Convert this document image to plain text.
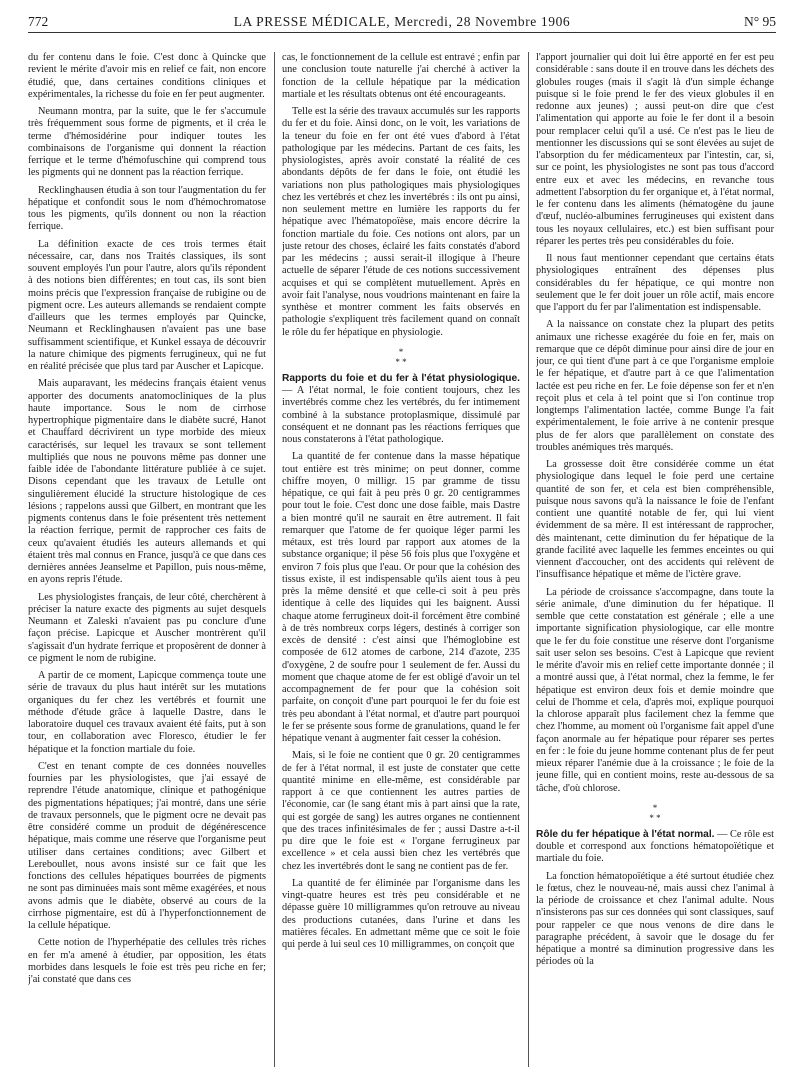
772	LA PRESSE MÉDICALE, Mercredi, 28 Novembre 1906	N° 95

du fer contenu dans le foie. C'est donc à Quincke que revient le mérite d'avoir mis en relief ce fait, non encore étudié, que, dans certaines conditions cliniques et expérimentales, la richesse du foie en fer peut augmenter.

Neumann montra, par la suite, que le fer s'accumule très fréquemment sous forme de pigments, et il créa le terme d'hémosidérine pour indiquer toutes les combinaisons de l'organisme qui donnent la réaction ferrique et le terme d'hémofuschine qui comprend tous les pigments qui ne donnent pas la réaction ferrique.

Recklinghausen étudia à son tour l'augmentation du fer hépatique et confondit sous le nom d'hémochromatose tous les pigments, qu'ils donnent ou non la réaction ferrique.

La définition exacte de ces trois termes était nécessaire, car, dans nos Traités classiques, ils sont souvent employés l'un pour l'autre, alors qu'ils répondent à des notions bien différentes; en tout cas, ils sont bien moins précis que l'expression française de rubigine ou de pigment ocre. Les auteurs allemands se rendaient compte d'ailleurs que les termes employés par Quincke, Neumann et Recklinghausen n'avaient pas une base suffisamment scientifique, et Kunkel essaya de découvrir la nature chimique des pigments ferrugineux, qui ne fut en réalité précisée que plus tard par Auscher et Lapicque.

Mais auparavant, les médecins français étaient venus apporter des documents anatomocliniques de la plus haute importance. Sous le nom de cirrhose hypertrophique pigmentaire dans le diabète sucré, Hanot et Chauffard décrivirent un type morbide des mieux caractérisés, sur lequel les travaux se sont tellement multipliés que nous ne pouvons même pas donner une faible idée de l'abondante littérature publiée à ce sujet. Disons cependant que les travaux de Letulle ont singulièrement élucidé la structure histologique de ces lésions ; rappelons aussi que Gilbert, en montrant que les pigments contenus dans le foie présentent très nettement la réaction ferrique, permit de rapprocher ces faits de ceux qu'avaient étudiés les auteurs allemands et qui étaient très mal connus en France, jusqu'à ce que dans ces dernières années Jeanselme et Papillon, puis nous-même, en ayons repris l'étude.

Les physiologistes français, de leur côté, cherchèrent à préciser la nature exacte des pigments au sujet desquels Neumann et Zaleski n'avaient pas pu conclure d'une façon précise. Lapicque et Auscher montrèrent qu'il s'agissait d'un hydrate ferrique et proposèrent de donner à ce pigment le nom de rubigine.

A partir de ce moment, Lapicque commença toute une série de travaux du plus haut intérêt sur les mutations organiques du fer chez les vertébrés et fournit une méthode d'étude grâce à laquelle Dastre, dans le laboratoire duquel ces travaux avaient été faits, put à son tour, en collaboration avec Floresco, étudier le fer hépatique et la fonction martiale du foie.

C'est en tenant compte de ces données nouvelles fournies par les physiologistes, que j'ai essayé de reprendre l'étude anatomique, clinique et pathogénique des pigmentations hépatiques; j'ai montré, dans une série de travaux personnels, que le pigment ocre ne devait pas être considéré comme un produit de dégénérescence hépatique, mais comme une réserve que l'organisme peut utiliser dans certaines conditions; avec Gilbert et Lereboullet, nous avons insisté sur ce fait que les fonctions des cellules hépatiques bourrées de pigments ne sont pas diminuées mais sont même exagérées, et nous avons admis que le diabète, observé au cours de la cirrhose pigmentaire, est dû à l'hyperfonctionnement de la cellule hépatique.

Cette notion de l'hyperhépatie des cellules très riches en fer m'a amené à étudier, par opposition, les états morbides dans lesquels le foie est très peu riche en fer; j'ai constaté que dans ces

cas, le fonctionnement de la cellule est entravé ; enfin par une conclusion toute naturelle j'ai cherché à activer la fonction de la cellule hépatique par la médication martiale et les résultats obtenus ont été encourageants.

Telle est la série des travaux accumulés sur les rapports du fer et du foie. Ainsi donc, on le voit, les variations de la teneur du foie en fer ont été vues d'abord à l'état pathologique par les médecins. Partant de ces faits, les physiologistes, après avoir constaté la réalité de ces abondants dépôts de fer dans le foie, ont étudié les variations non plus pathologiques mais physiologiques chez les vertébrés et chez les invertébrés : ils ont pu ainsi, non seulement mettre en lumière les rapports du fer hépatique avec l'hématopoïèse, mais encore décrire la fonction martiale du foie. Ces notions ont alors, par un juste retour des choses, éclairé les faits constatés d'abord par les médecins ; aussi serait-il illogique à l'heure actuelle de séparer l'étude de ces notions successivement acquises et qui se complètent mutuellement. Après en avoir fait l'analyse, nous voudrions maintenant en faire la synthèse et montrer comment les faits observés en pathologie s'expliquent très facilement quand on connaît le rôle du fer hépatique en physiologie.

*
* *

Rapports du foie et du fer à l'état physiologique. — A l'état normal, le foie contient toujours, chez les invertébrés comme chez les vertébrés, du fer intimement combiné à la substance protoplasmique, dissimulé par conséquent et ne donnant pas les réactions ferriques que nous constaterons à l'état pathologique.

La quantité de fer contenue dans la masse hépatique tout entière est très minime; on peut donner, comme chiffre moyen, 0 milligr. 15 par gramme de tissu hépatique, ce qui fait à peu près 0 gr. 20 centigrammes pour tout le foie. C'est donc une dose faible, mais Dastre a bien montré qu'il ne saurait en être autrement. Il fait remarquer que l'atome de fer quoique léger parmi les métaux, est très lourd par rapport aux atomes de la substance organique; il pèse 56 fois plus que l'oxygène et environ 7 fois plus que l'eau. Or pour que la cohésion des tissus existe, il est indispensable qu'ils aient tous à peu près la même densité et que celle-ci soit à peu près identique à celle des liquides qui les baignent. Aussi chaque atome ferrugineux doit-il forcément être combiné à de très nombreux corps légers, destinés à corriger son excès de densité : c'est ainsi que l'hémoglobine est composée de 612 atomes de carbone, 214 d'azote, 235 d'oxygène, 2 de soufre pour 1 seulement de fer. Aussi du moment que chaque atome de fer est obligé d'avoir un tel accompagnement de fer pour que la cohésion soit parfaite, on conçoit d'une part pourquoi le fer du foie est très peu abondant à l'état normal, et d'autre part pourquoi le fer se présente sous forme de granulations, quand le fer hépatique venant à augmenter fait cesser la cohésion.

Mais, si le foie ne contient que 0 gr. 20 centigrammes de fer à l'état normal, il est juste de constater que cette quantité minime en elle-même, est considérable par rapport à ce que contiennent les autres parties de l'économie, car (le sang étant mis à part ainsi que la rate, qui est gorgée de sang) les autres organes ne contiennent que des traces infinitésimales de fer ; aussi Dastre a-t-il pu dire que le foie est « l'organe ferrugineux par excellence » et cela aussi bien chez les vertébrés que chez les invertébrés dont le sang ne contient pas de fer.

La quantité de fer éliminée par l'organisme dans les vingt-quatre heures est très peu considérable et ne dépasse guère 10 milligrammes qu'on retrouve au niveau des productions cutanées, dans l'urine et dans les matières fécales. En admettant même que ce soit le foie qui perde à lui seul ces 10 milligrammes, on conçoit que

l'apport journalier qui doit lui être apporté en fer est peu considérable : sans doute il en trouve dans les déchets des globules rouges (mais il s'agit là d'un simple échange puisque si le foie prend le fer des vieux globules il en redonne aux jeunes) ; aussi peut-on dire que c'est l'alimentation qui apporte au foie le fer dont il a besoin pour remplacer celui qu'il a usé. Ce n'est pas le lieu de mentionner les discussions qui se sont élevées au sujet de l'absorption du fer médicamenteux par l'intestin, car, si, sur ce point, les physiologistes ne sont pas tous d'accord entre eux et avec les médecins, en revanche tous admettent l'absorption du fer organique et, à l'état normal, le fer contenu dans les aliments (hématogène du jaune d'œuf, nucléo-albumines ferrugineuses qui existent dans tous les noyaux cellulaires, etc.) est bien suffisant pour réparer les pertes très peu considérables du foie.

Il nous faut mentionner cependant que certains états physiologiques entraînent des dépenses plus considérables du fer hépatique, ce qui montre non seulement que le fer doit jouer un rôle actif, mais encore que l'apport du fer par l'alimentation est indispensable.

A la naissance on constate chez la plupart des petits animaux une richesse exagérée du foie en fer, mais on remarque que ce dépôt diminue pour ainsi dire de jour en jour, ce qui tient d'une part à ce que l'organisme emploie le fer hépatique, et d'autre part à ce que l'alimentation lactée est peu riche en fer. Le foie dépense son fer et n'en reçoit plus et cela à tel point que si l'on continue trop longtemps l'alimentation lactée, comme Bunge l'a fait expérimentalement, le foie arrive à ne contenir presque plus de fer alors que parallèlement on constate des troubles anémiques très marqués.

La grossesse doit être considérée comme un état physiologique dans lequel le foie perd une certaine quantité de son fer, et cela est bien compréhensible, puisque nous savons qu'à la naissance le foie de l'enfant contient une quantité notable de fer, qui lui vient évidemment de sa mère. Il est intéressant de rapprocher, dès maintenant, cette diminution du fer hépatique de la grande facilité avec laquelle les femmes enceintes ou qui viennent d'accoucher, ont des accidents qui relèvent de l'insuffisance hépatique et même de l'ictère grave.

La période de croissance s'accompagne, dans toute la série animale, d'une diminution du fer hépatique. Il semble que cette constatation est générale ; elle a une importante signification physiologique, car elle montre que le fer du foie constitue une réserve dont l'organisme sait user selon ses besoins. C'est à Lapicque que revient le mérite d'avoir mis en relief cette importante donnée ; il a montré aussi que, à l'état normal, chez la femme, le fer hépatique est environ deux fois et demie moindre que celui de l'homme et cela, d'après moi, explique pourquoi la chlorose apparaît plus facilement chez la femme que chez l'homme, au moment où l'organisme fait appel d'une façon anormale au fer hépatique pour réparer ses pertes en fer : le foie du jeune homme contenant plus de fer peut mieux réparer l'anémie due à la croissance ; le foie de la jeune fille, qui en contient moins, reste au-dessous de sa tâche, d'où chlorose.

*
* *

Rôle du fer hépatique à l'état normal. — Ce rôle est double et correspond aux fonctions hématopoïétique et martiale du foie.

La fonction hématopoïétique a été surtout étudiée chez le fœtus, chez le nouveau-né, mais aussi chez l'animal à la période de croissance et chez l'animal adulte. Nous n'insisterons pas sur ces données qui sont classiques, sauf pour rappeler ce que nous venons de dire dans le paragraphe précédent, à savoir que le dosage du fer hépatique a montré sa diminution progressive dans les périodes où la
